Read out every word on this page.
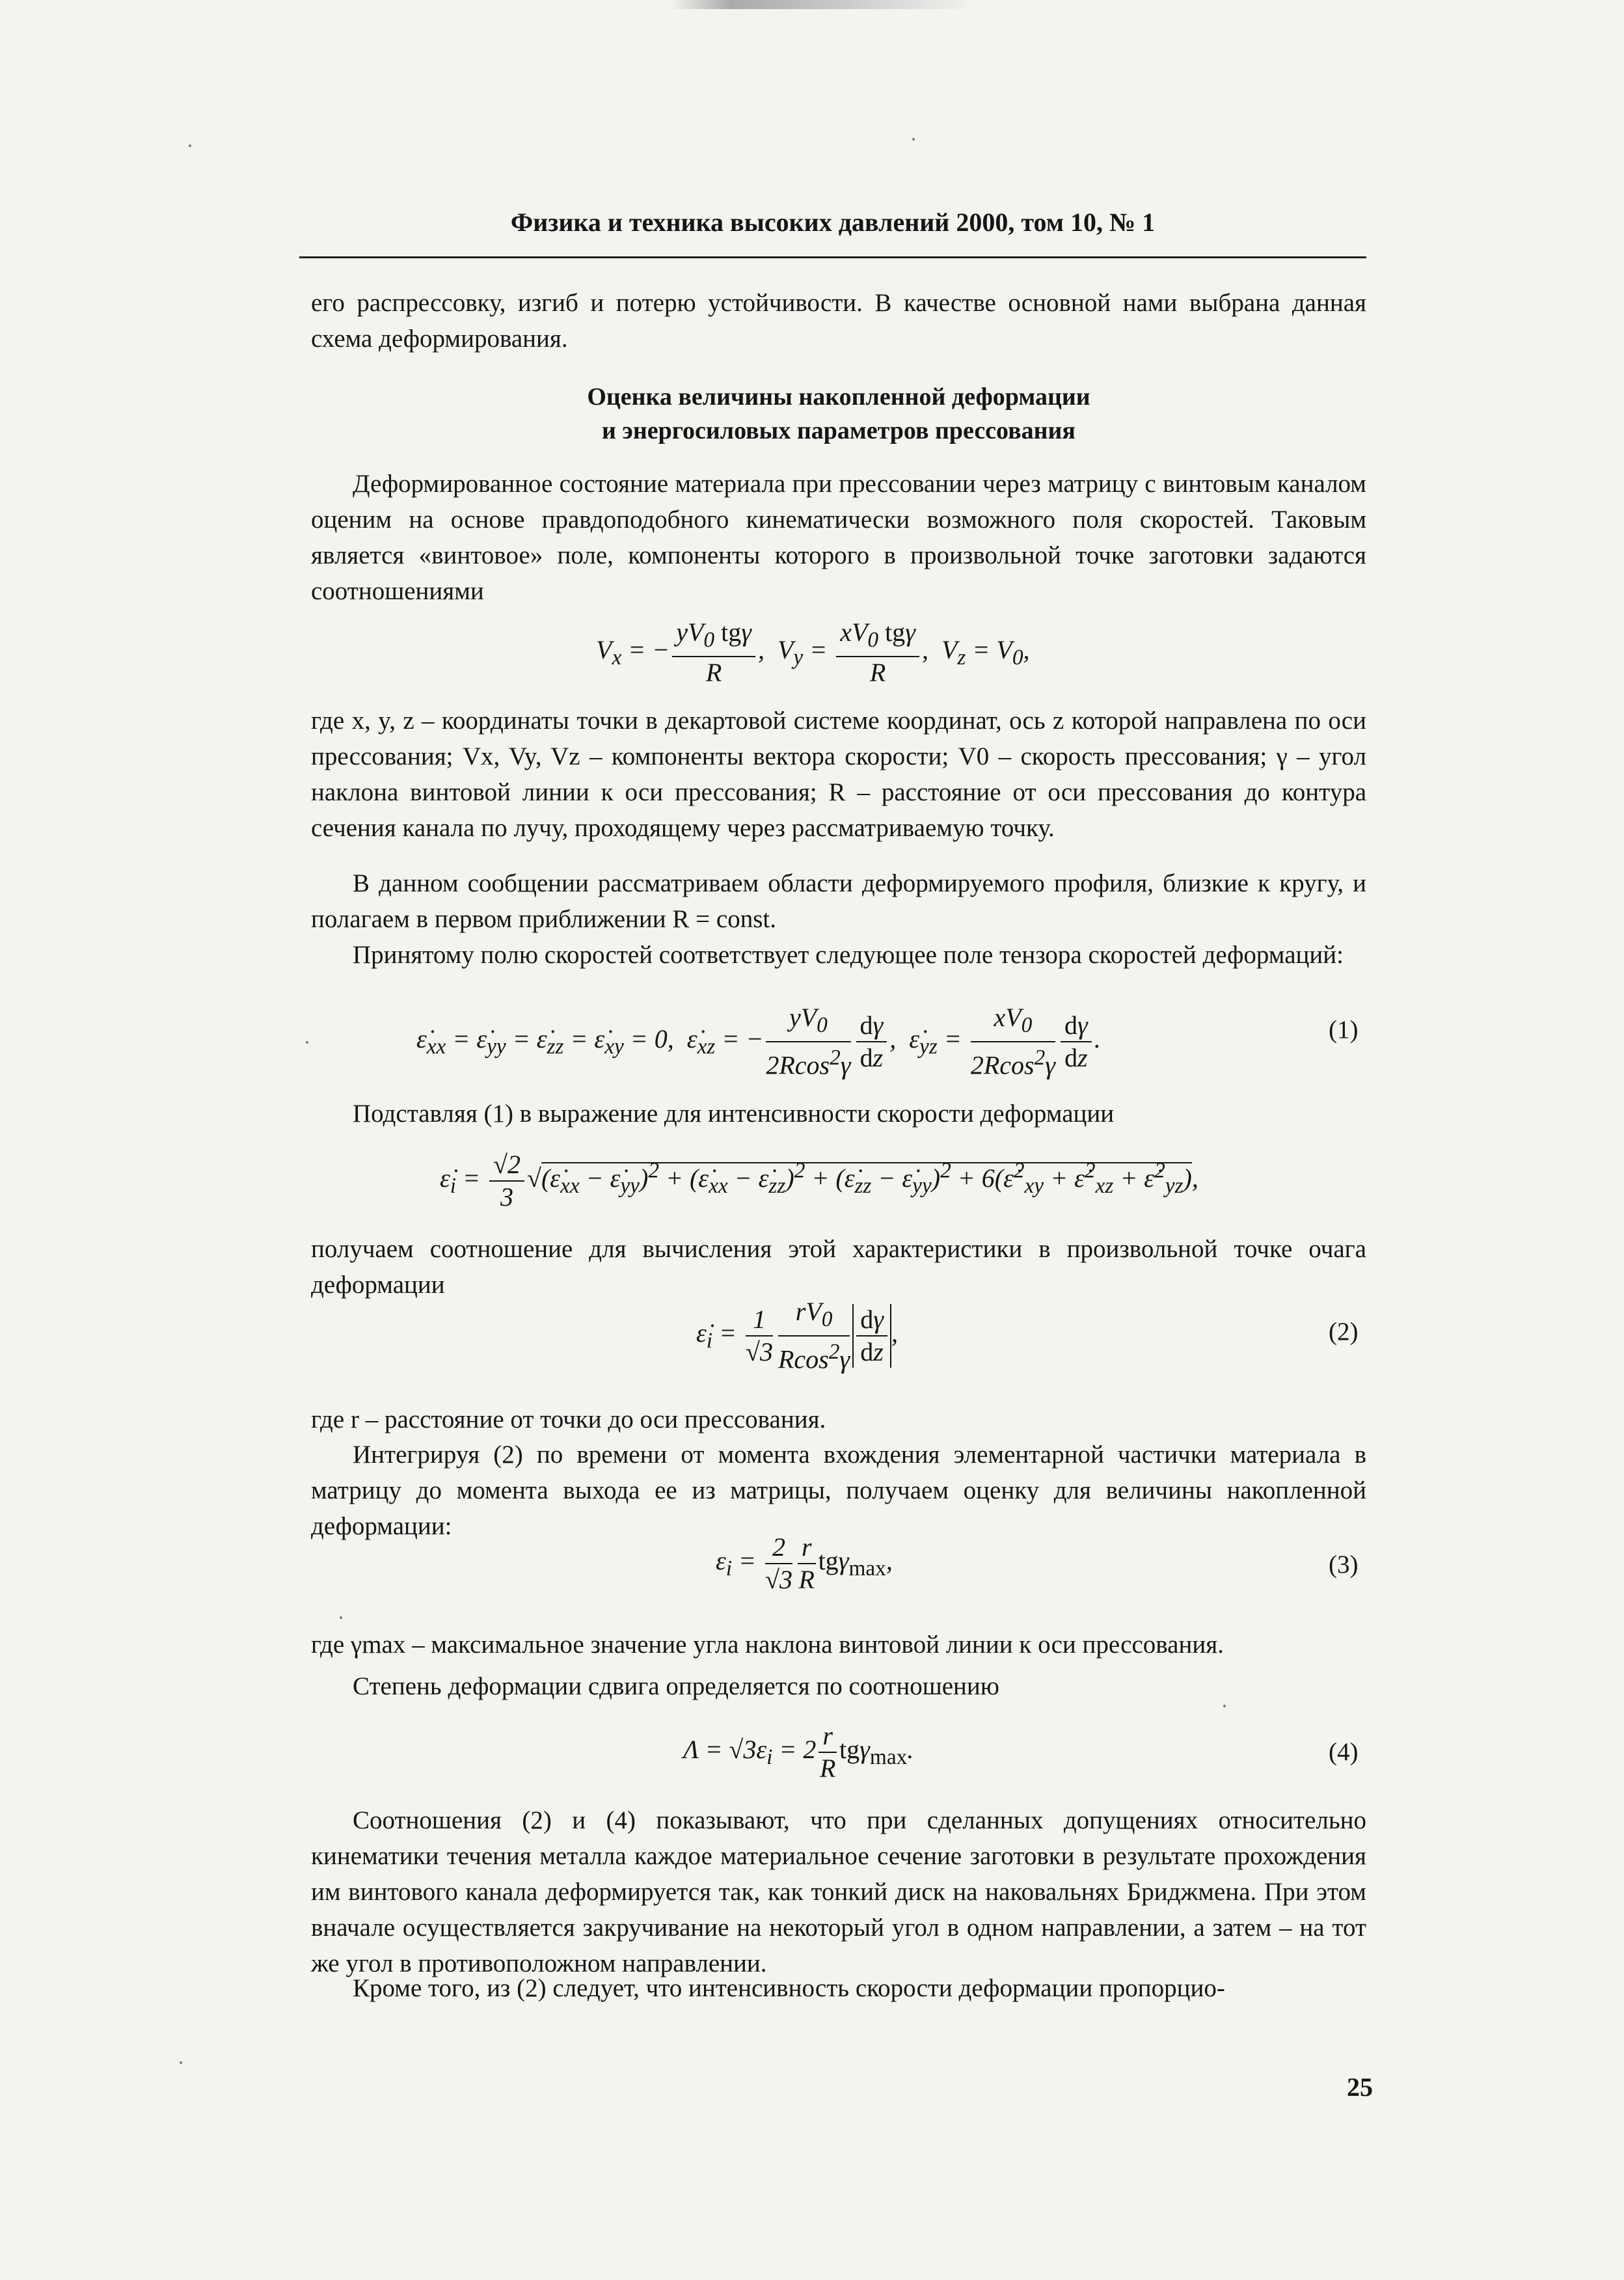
Физика и техника высоких давлений 2000, том 10, № 1
его распрессовку, изгиб и потерю устойчивости. В качестве основной нами выбрана данная схема деформирования.
Оценка величины накопленной деформации
и энергосиловых параметров прессования
Деформированное состояние материала при прессовании через матрицу с винтовым каналом оценим на основе правдоподобного кинематически возможного поля скоростей. Таковым является «винтовое» поле, компоненты которого в произвольной точке заготовки задаются соотношениями
$V_x$ = − $\frac{yV_0 tg\gamma}{R}$ ,  $V_y = \frac{xV_0 tg\gamma}{R}$ ,  $V_z = V_0$,
где x, y, z – координаты точки в декартовой системе координат, ось z которой направлена по оси прессования; Vx, Vy, Vz – компоненты вектора скорости; V0 – скорость прессования; γ – угол наклона винтовой линии к оси прессования; R – расстояние от оси прессования до контура сечения канала по лучу, проходящему через рассматриваемую точку.
В данном сообщении рассматриваем области деформируемого профиля, близкие к кругу, и полагаем в первом приближении R = const.
Принятому полю скоростей соответствует следующее поле тензора скоростей деформаций:
$\varepsiloṅ_{xx}$ = $\varepsiloṅ_{yy}$ = $\varepsiloṅ_{zz}$ = $\varepsiloṅ_{xy} = 0$,  $\varepsiloṅ_{xz}$ = − $\frac{yV_0}{2Rcos^2\gamma} \frac{d\gamma}{dz}$ ,  $\varepsiloṅ_{yz} = \frac{xV_0}{2Rcos^2\gamma} \frac{d\gamma}{dz}$ .	(1)
Подставляя (1) в выражение для интенсивности скорости деформации
$\varepsiloṅ_i = \frac{√2}{3}$ $√(\varepsiloṅ_{xx}$ − $\varepsiloṅ_{yy})^2$ + ($\varepsiloṅ_{xx}$ − $\varepsiloṅ_{zz})^2$ + ($\varepsiloṅ_{zz}$ − $\varepsiloṅ_{yy})^2$ + 6(ε̇$^2_{xy}$ + ε̇$^2_{xz}$ + ε̇$^2_{yz}$),
получаем соотношение для вычисления этой характеристики в произвольной точке очага деформации
$\varepsiloṅ_i = \frac{1}{√3} \frac{rV_0}{Rcos^2\gamma} \frac{d\gamma}{dz}$ ,	(2)
где r – расстояние от точки до оси прессования.
Интегрируя (2) по времени от момента вхождения элементарной частички материала в матрицу до момента выхода ее из матрицы, получаем оценку для величины накопленной деформации:
$\varepsilon_i = \frac{2}{√3} \frac{r}{R} tg\gamma_{max}$,	(3)
где γmax – максимальное значение угла наклона винтовой линии к оси прессования.
Степень деформации сдвига определяется по соотношению
$\Lambda = √3\varepsilon_i = 2 \frac{r}{R} tg\gamma_{max}$.	(4)
Соотношения (2) и (4) показывают, что при сделанных допущениях относительно кинематики течения металла каждое материальное сечение заготовки в результате прохождения им винтового канала деформируется так, как тонкий диск на наковальнях Бриджмена. При этом вначале осуществляется закручивание на некоторый угол в одном направлении, а затем – на тот же угол в противоположном направлении.
Кроме того, из (2) следует, что интенсивность скорости деформации пропорцио-
25
